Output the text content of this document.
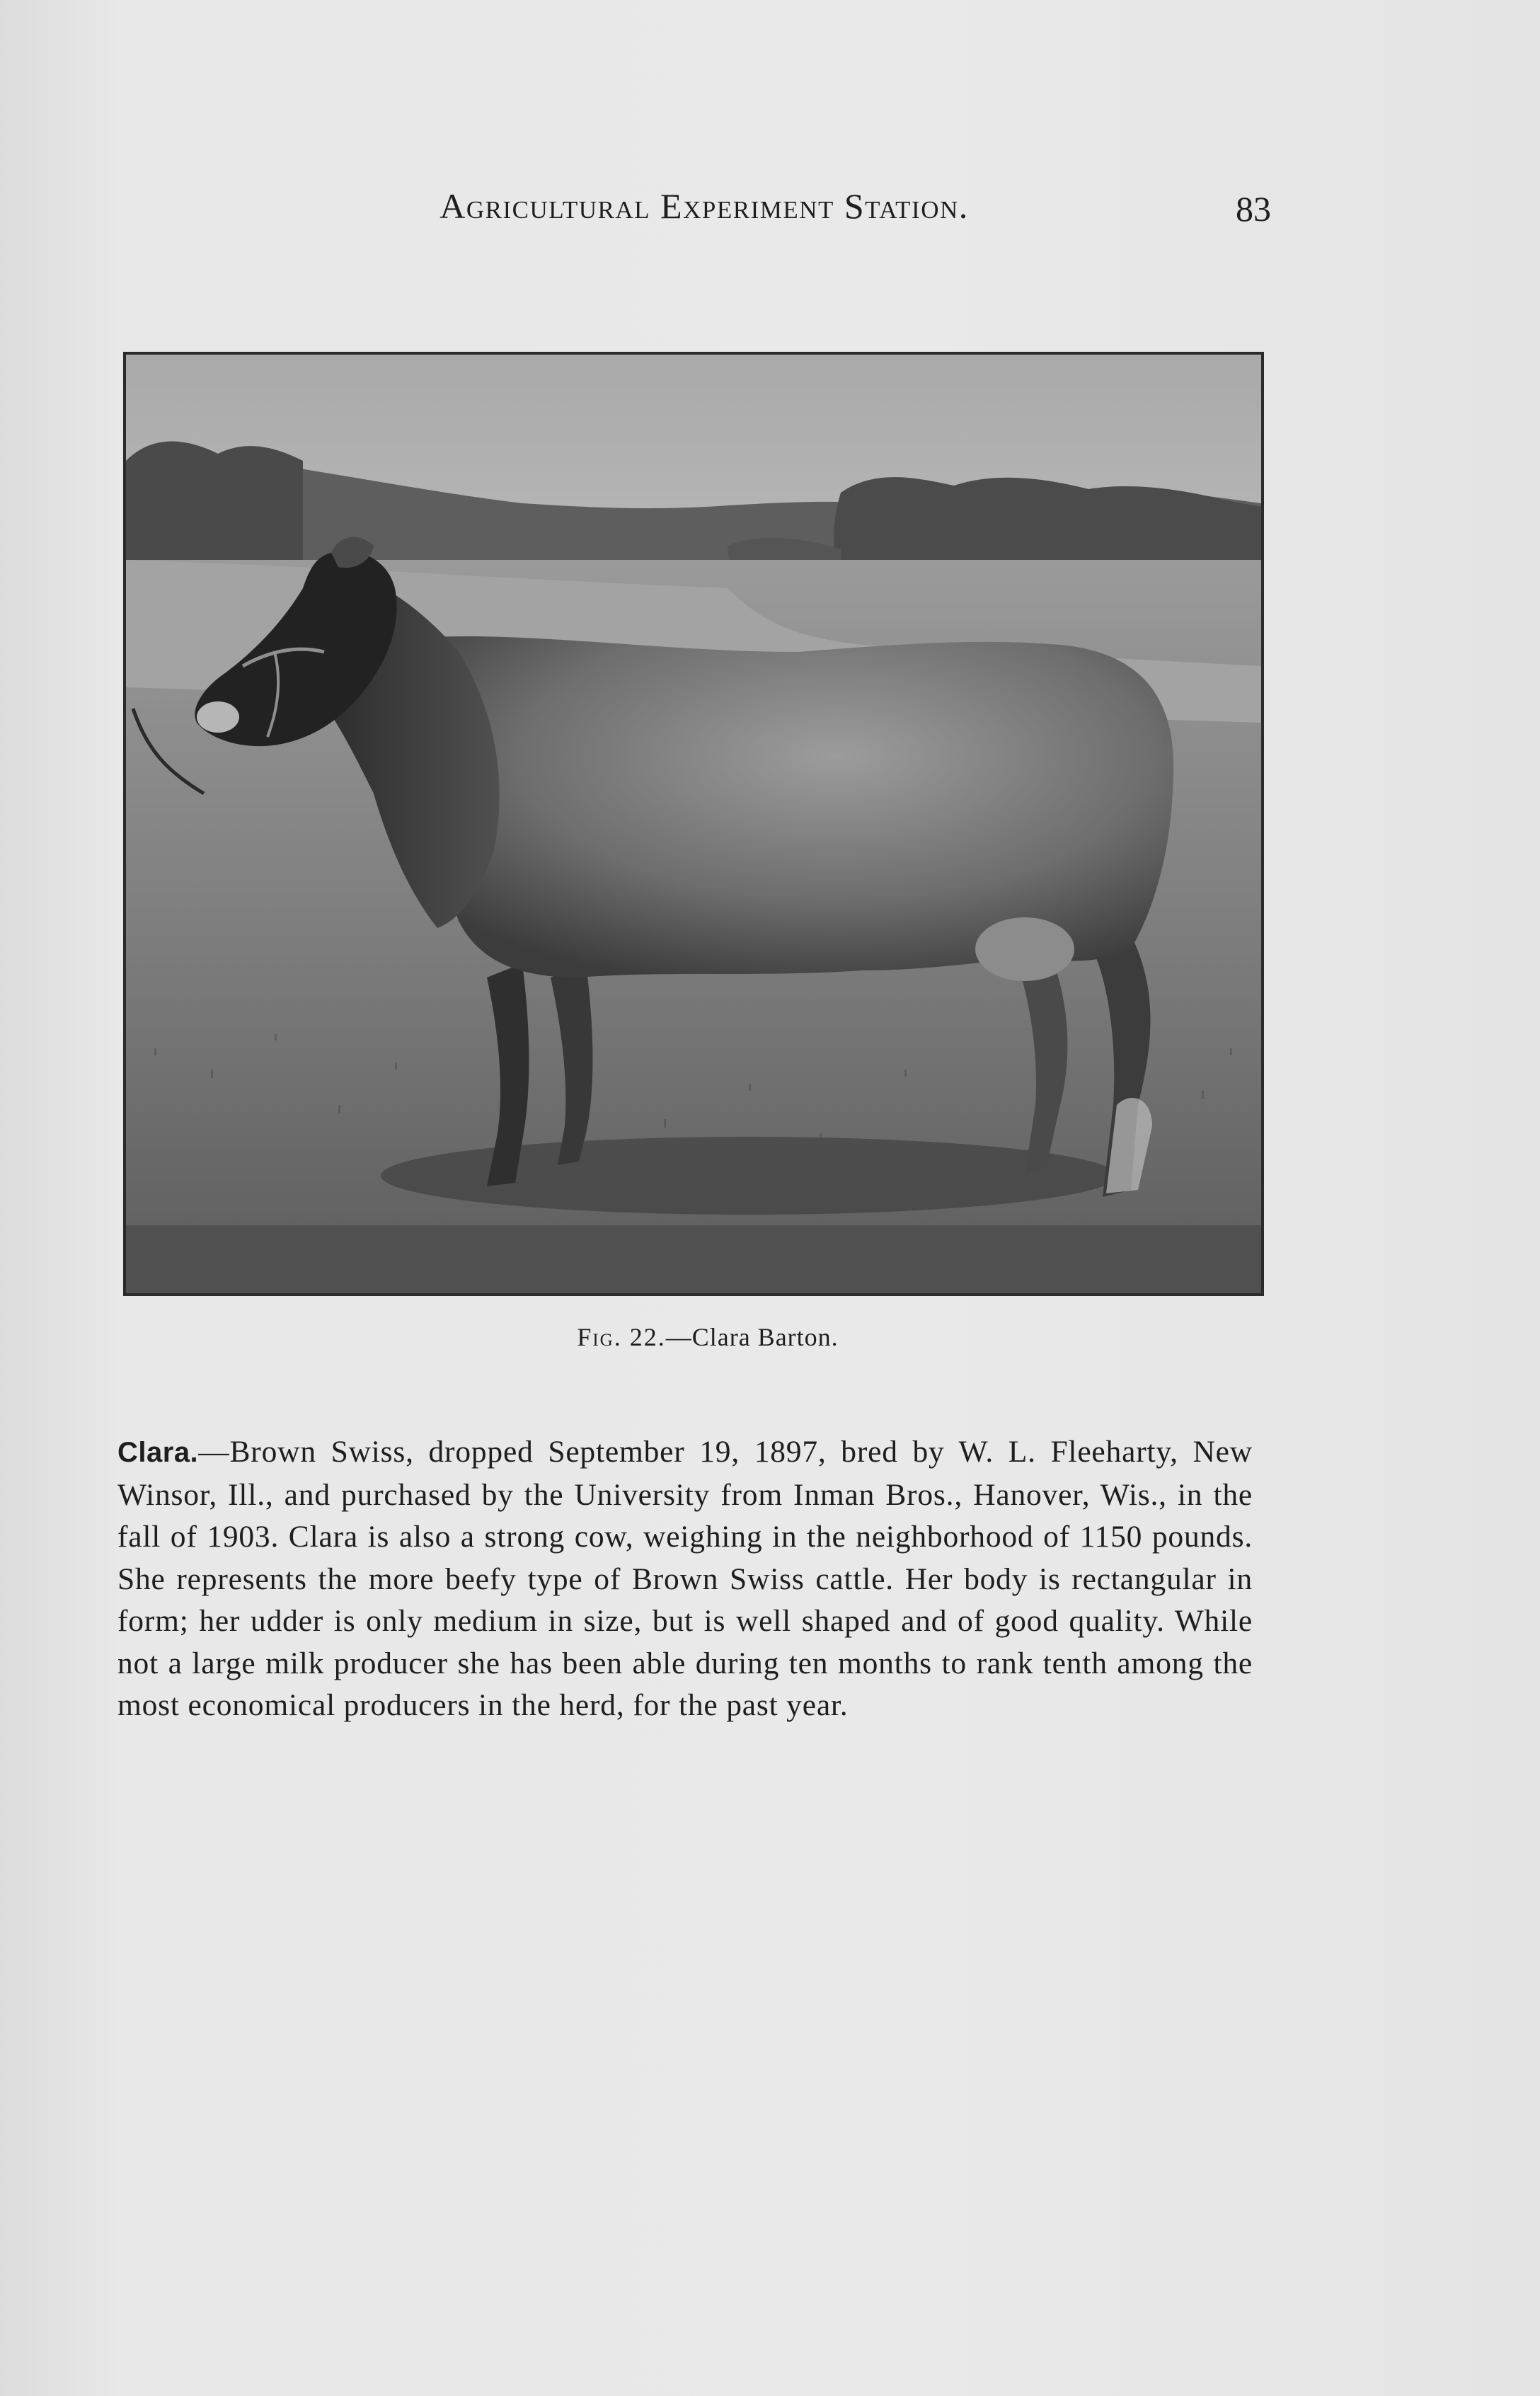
Agricultural Experiment Station.	83
Fig. 22.—Clara Barton.
Clara.—Brown Swiss, dropped September 19, 1897, bred by W. L. Fleeharty, New Winsor, Ill., and purchased by the University from Inman Bros., Hanover, Wis., in the fall of 1903. Clara is also a strong cow, weighing in the neighborhood of 1150 pounds. She represents the more beefy type of Brown Swiss cattle. Her body is rectangular in form; her udder is only medium in size, but is well shaped and of good quality. While not a large milk producer she has been able during ten months to rank tenth among the most economical producers in the herd, for the past year.
